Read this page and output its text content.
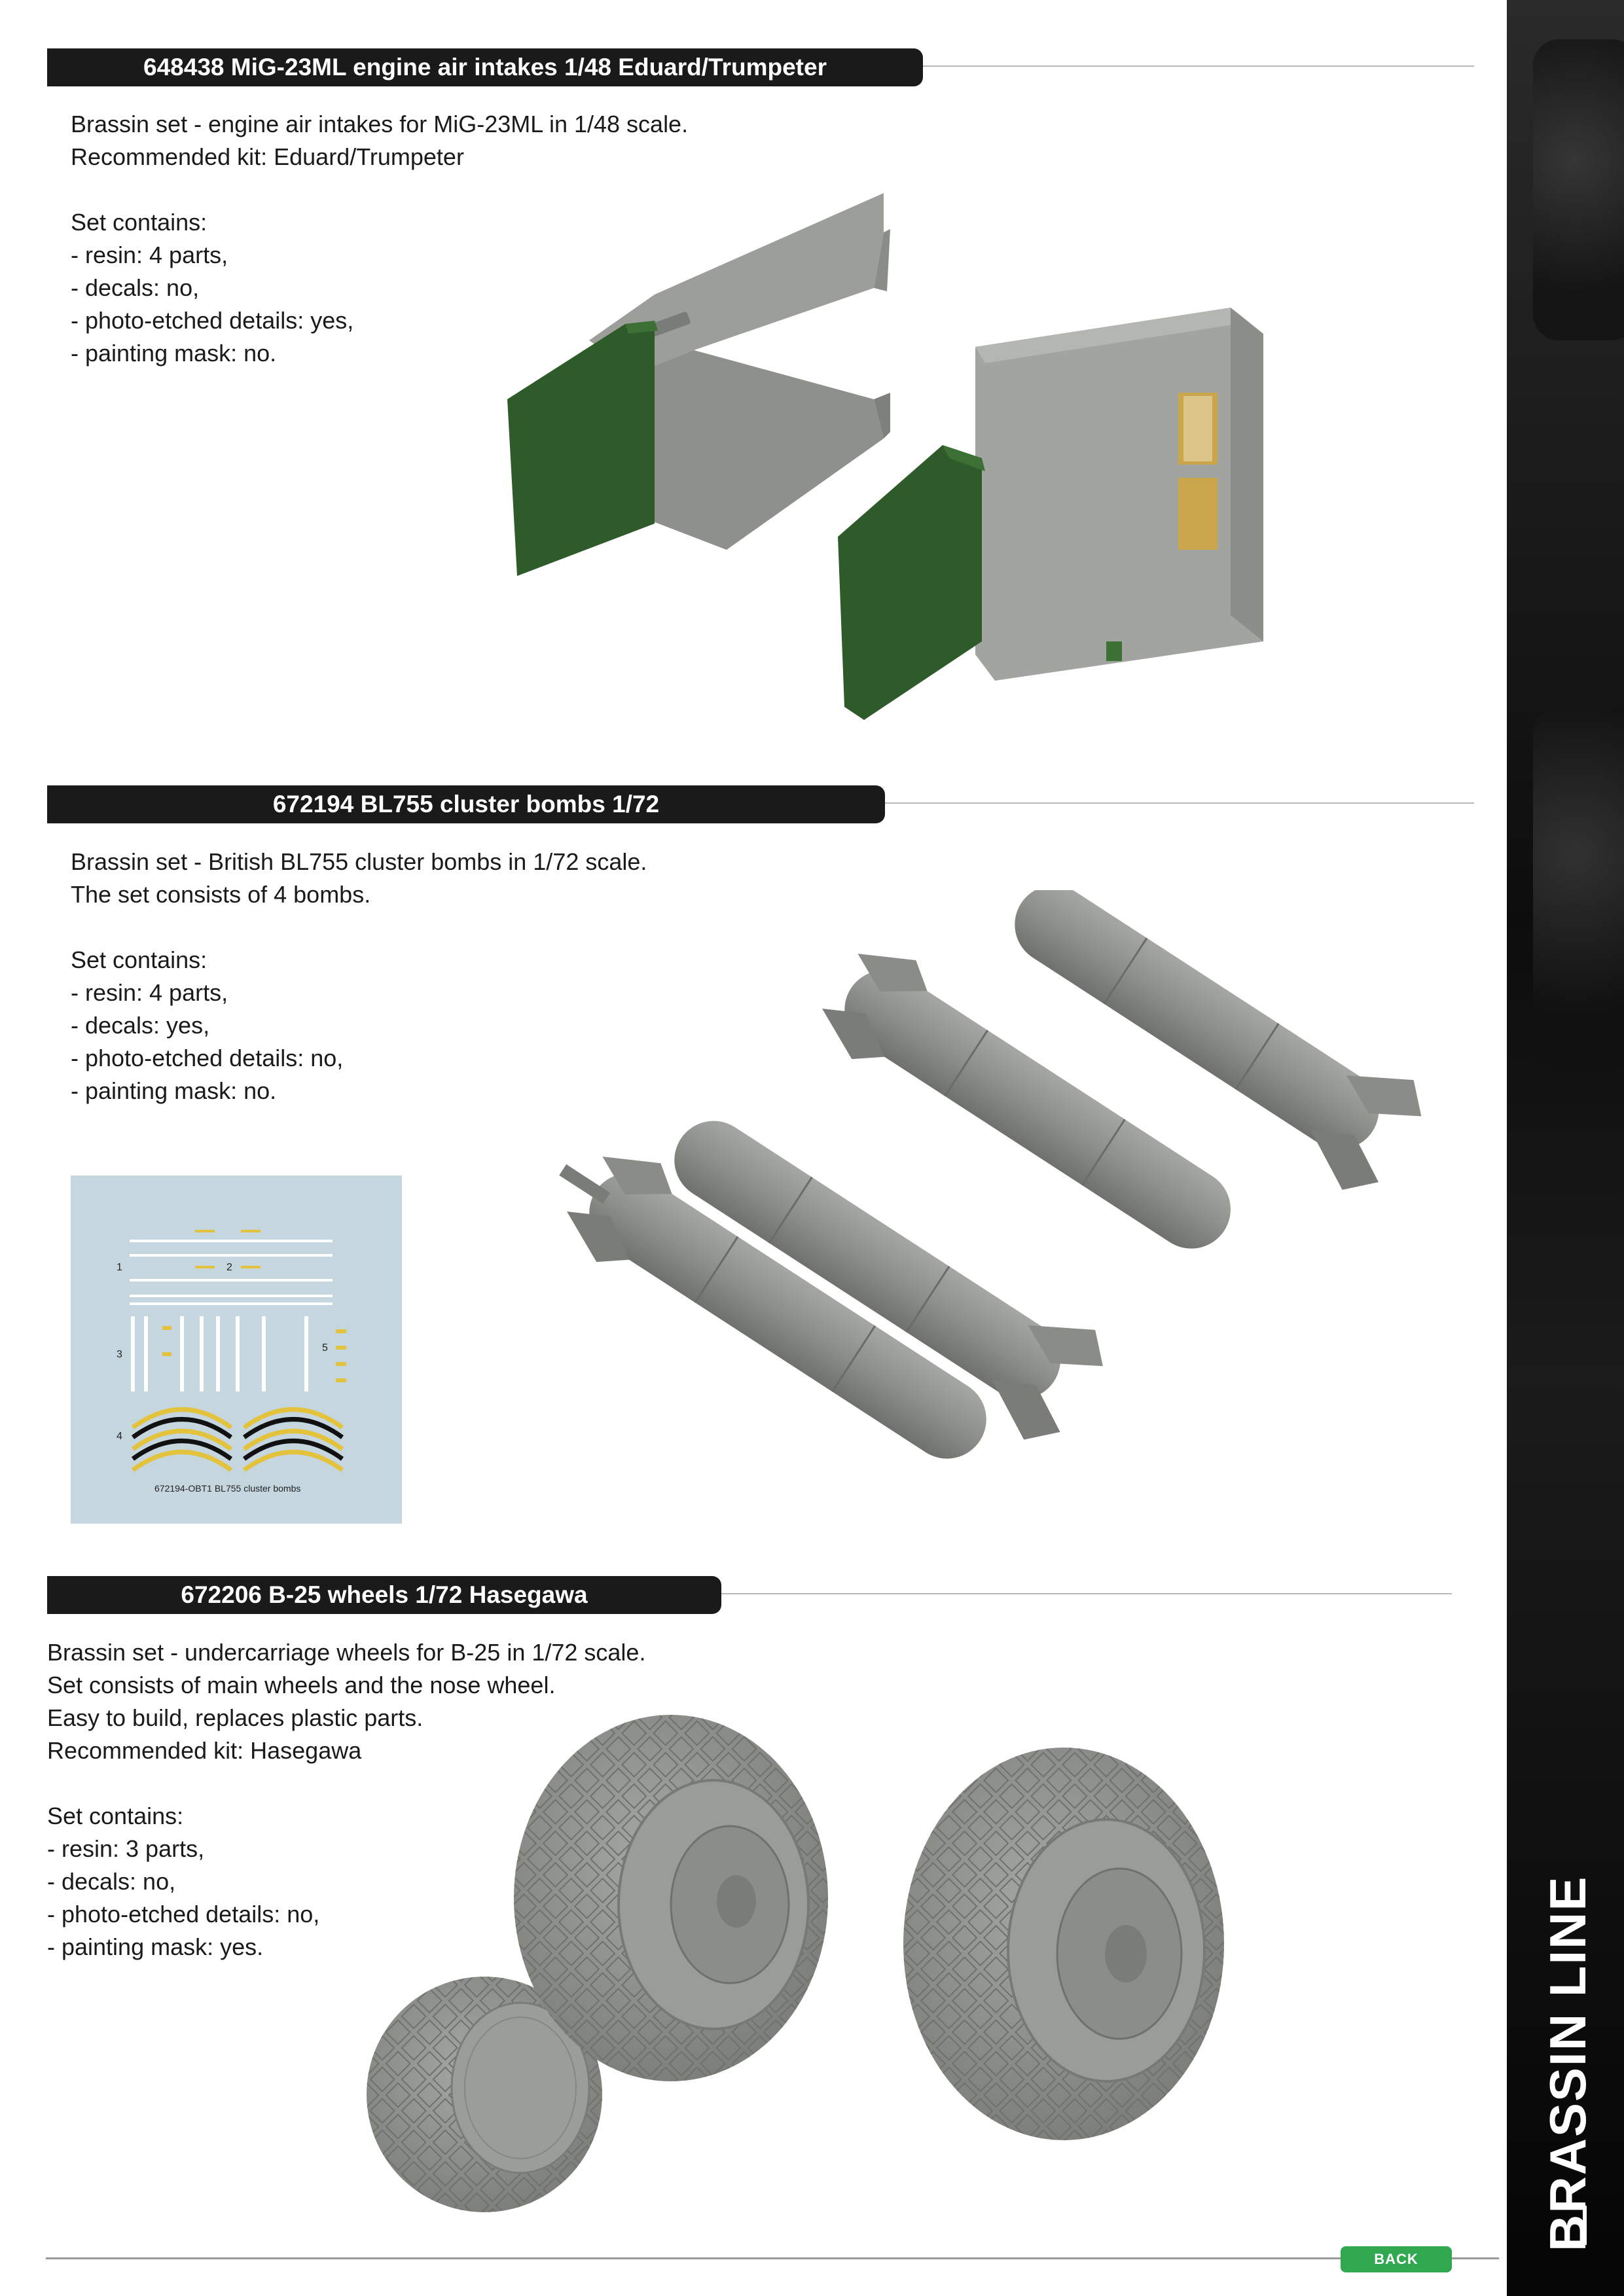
BRASSIN LINE
648438 MiG-23ML engine air intakes 1/48 Eduard/Trumpeter

Brassin set - engine air intakes for MiG-23ML in 1/48 scale.

Recommended kit: Eduard/Trumpeter

Set contains:

- resin: 4 parts,

- decals: no,

- photo-etched details: yes,

- painting mask: no.

672194 BL755 cluster bombs 1/72

Brassin set - British BL755 cluster bombs in 1/72 scale.

The set consists of 4 bombs.

Set contains:

- resin: 4 parts,

- decals: yes,

- photo-etched details: no,

- painting mask: no.

1	2
3
4
5
672194-OBT1 BL755 cluster bombs
672206 B-25 wheels 1/72 Hasegawa

Brassin set - undercarriage wheels for B-25 in 1/72 scale.

Set consists of main wheels and the nose wheel.

Easy to build, replaces plastic parts.

Recommended kit: Hasegawa

Set contains:

- resin: 3 parts,

- decals: no,

- photo-etched details: no,

- painting mask: yes.

BACK
